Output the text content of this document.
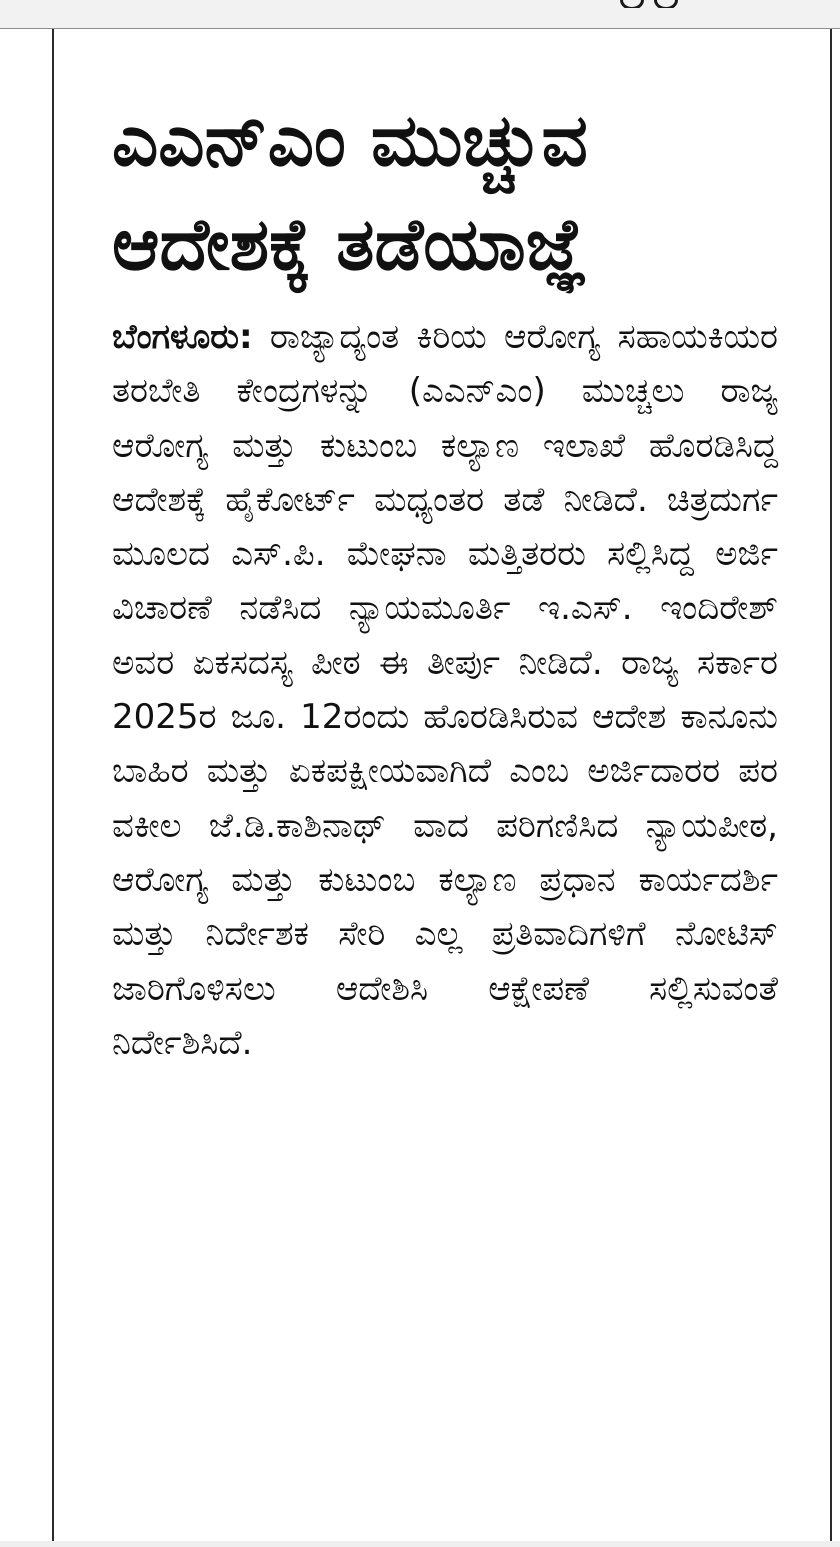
ಎಎನ್‌ಎಂ ಮುಚ್ಚುವ
ಆದೇಶಕ್ಕೆ ತಡೆಯಾಜ್ಞೆ

ಬೆಂಗಳೂರು: ರಾಜ್ಯಾದ್ಯಂತ ಕಿರಿಯ ಆರೋಗ್ಯ ಸಹಾಯಕಿಯರ ತರಬೇತಿ ಕೇಂದ್ರಗಳನ್ನು (ಎಎನ್‌ಎಂ) ಮುಚ್ಚಲು ರಾಜ್ಯ ಆರೋಗ್ಯ ಮತ್ತು ಕುಟುಂಬ ಕಲ್ಯಾಣ ಇಲಾಖೆ ಹೊರಡಿಸಿದ್ದ ಆದೇಶಕ್ಕೆ ಹೈಕೋರ್ಟ್ ಮಧ್ಯಂತರ ತಡೆ ನೀಡಿದೆ. ಚಿತ್ರದುರ್ಗ ಮೂಲದ ಎಸ್.ಪಿ. ಮೇಘನಾ ಮತ್ತಿತರರು ಸಲ್ಲಿಸಿದ್ದ ಅರ್ಜಿ ವಿಚಾರಣೆ ನಡೆಸಿದ ನ್ಯಾಯಮೂರ್ತಿ ಇ.ಎಸ್. ಇಂದಿರೇಶ್ ಅವರ ಏಕಸದಸ್ಯ ಪೀಠ ಈ ತೀರ್ಪು ನೀಡಿದೆ. ರಾಜ್ಯ ಸರ್ಕಾರ 2025ರ ಜೂ. 12ರಂದು ಹೊರಡಿಸಿರುವ ಆದೇಶ ಕಾನೂನು ಬಾಹಿರ ಮತ್ತು ಏಕಪಕ್ಷೀಯವಾಗಿದೆ ಎಂಬ ಅರ್ಜಿದಾರರ ಪರ ವಕೀಲ ಜೆ.ಡಿ.ಕಾಶಿನಾಥ್ ವಾದ ಪರಿಗಣಿಸಿದ ನ್ಯಾಯಪೀಠ, ಆರೋಗ್ಯ ಮತ್ತು ಕುಟುಂಬ ಕಲ್ಯಾಣ ಪ್ರಧಾನ ಕಾರ್ಯದರ್ಶಿ ಮತ್ತು ನಿರ್ದೇಶಕ ಸೇರಿ ಎಲ್ಲ ಪ್ರತಿವಾದಿಗಳಿಗೆ ನೋಟಿಸ್ ಜಾರಿಗೊಳಿಸಲು ಆದೇಶಿಸಿ ಆಕ್ಷೇಪಣೆ ಸಲ್ಲಿಸುವಂತೆ ನಿರ್ದೇಶಿಸಿದೆ.
